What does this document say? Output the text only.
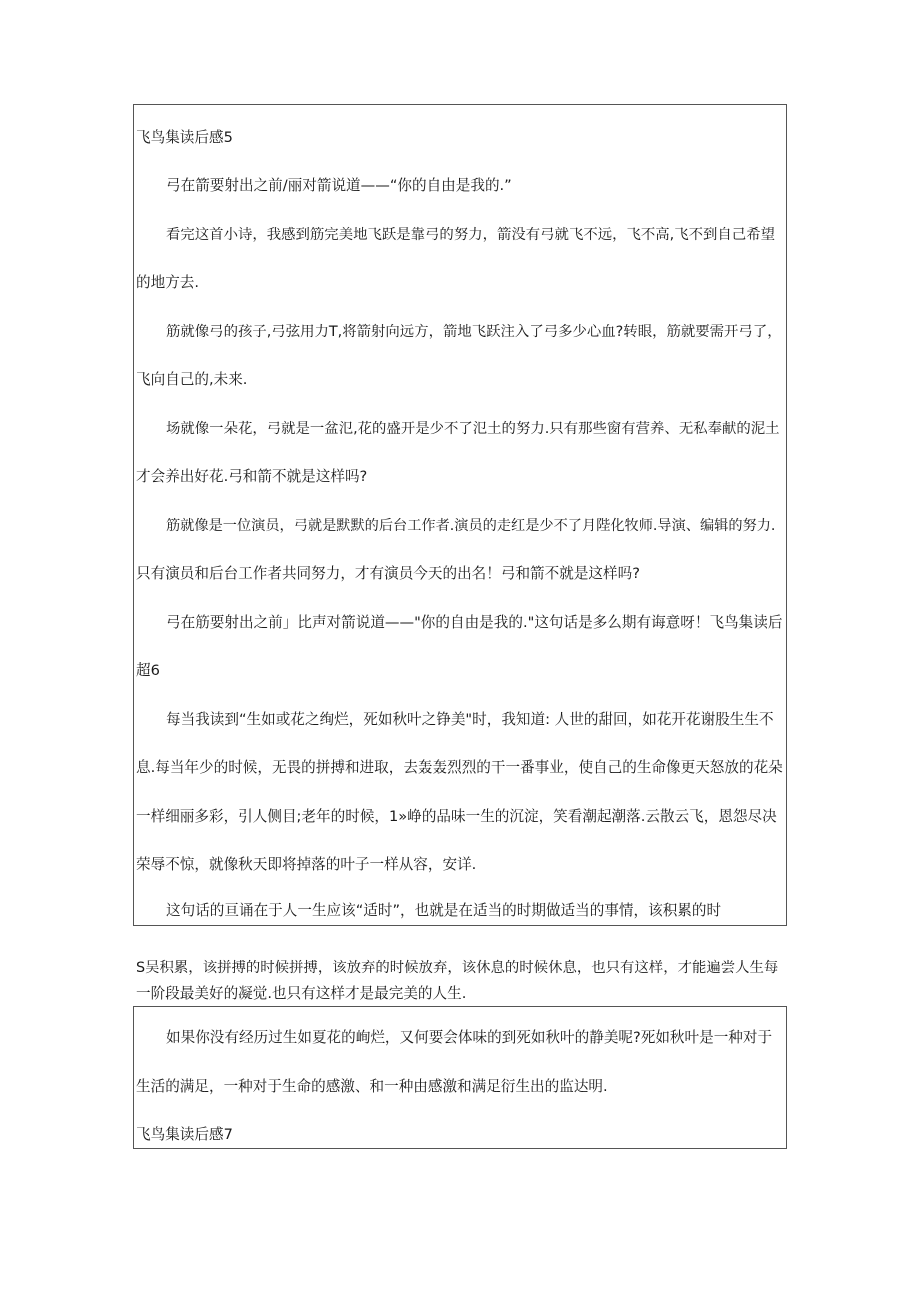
飞鸟集读后感5
弓在箭要射出之前/丽对箭说道——“你的自由是我的.”
看完这首小诗，我感到筋完美地飞跃是靠弓的努力，箭没有弓就飞不远，飞不高,飞不到自己希望
的地方去.
筋就像弓的孩子,弓弦用力T,将箭射向远方，箭地飞跃注入了弓多少心血?转眼，筋就要需开弓了，
飞向自己的,未来.
场就像一朵花，弓就是一盆氾,花的盛开是少不了氾土的努力.只有那些窗有营养、无私奉献的泥土
才会养出好花.弓和箭不就是这样吗?
筋就像是一位演员，弓就是默默的后台工作者.演员的走红是少不了月陛化牧师.导演、编辑的努力.
只有演员和后台工作者共同努力，才有演员今天的出名！弓和箭不就是这样吗?
弓在筋要射出之前」比声对箭说道——"你的自由是我的."这句话是多么期有诲意呀！飞鸟集读后
超6
每当我读到“生如或花之绚烂，死如秋叶之铮美"时，我知道: 人世的甜回，如花开花谢股生生不
息.每当年少的时候，无畏的拼搏和进取，去轰轰烈烈的干一番事业，使自己的生命像更天怒放的花朵
一样细丽多彩，引人侧目;老年的时候，1»峥的品味一生的沉淀，笑看潮起潮落.云散云飞，恩怨尽决
荣辱不惊，就像秋天即将掉落的叶子一样从容，安详.
这句话的亘诵在于人一生应该“适时”，也就是在适当的时期做适当的事情，该积累的时
S吴积累，该拼搏的时候拼搏，该放弃的时候放弃，该休息的时候休息，也只有这样，才能遍尝人生每
一阶段最美好的凝觉.也只有这样才是最完美的人生.
如果你没有经历过生如夏花的峋烂，又何要会体味的到死如秋叶的静美呢?死如秋叶是一种对于
生活的满足，一种对于生命的感激、和一种由感激和满足衍生出的监达明.
飞鸟集读后感7
